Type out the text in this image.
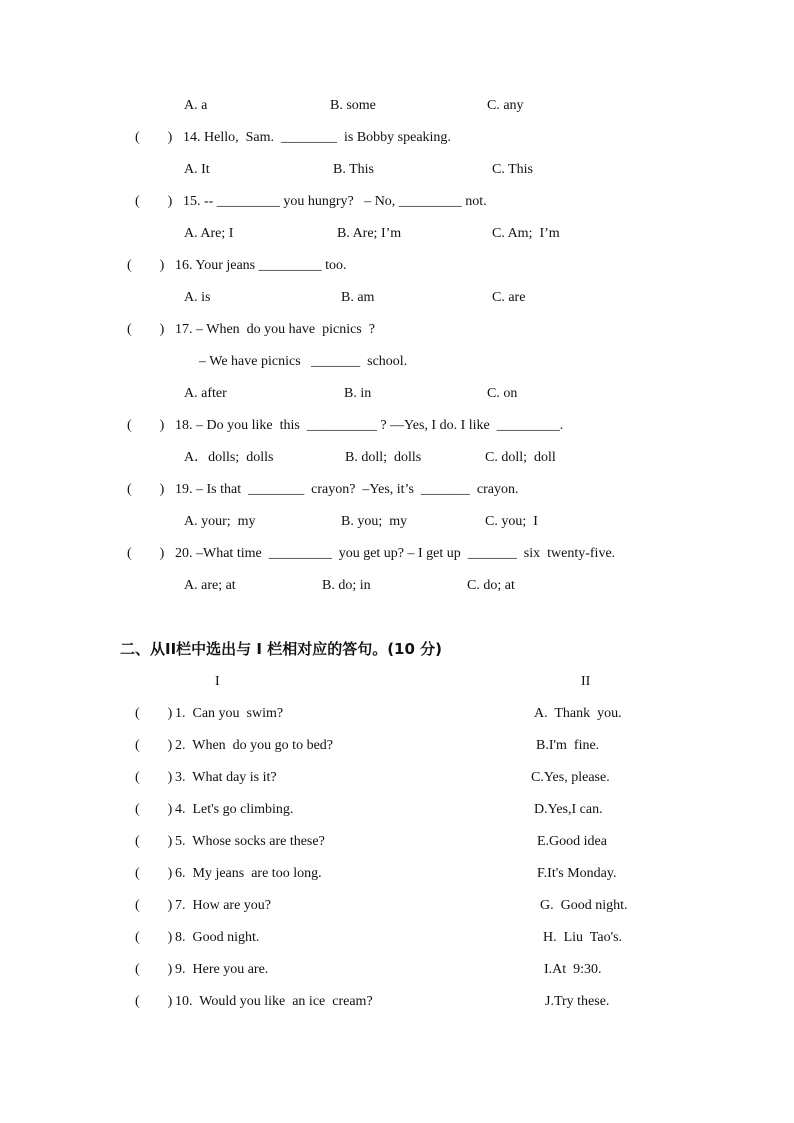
A. a	B. some	C. any
(        ) 14. Hello,  Sam.  ________  is Bobby speaking.
A. It	B. This	C. This
(        ) 15. -- _________ you hungry?   – No, _________ not.
A. Are; I	B. Are; I’m	C. Am;  I’m
(        ) 16. Your jeans _________ too.
A. is	B. am	C. are
(        ) 17. – When  do you have  picnics  ?
– We have picnics   _______  school.
A. after	B. in	C. on
(        ) 18. – Do you like  this  __________ ? —Yes, I do. I like  _________.
A．dolls;  dolls	B. doll;  dolls	C. doll;  doll
(        ) 19. – Is that  ________  crayon?  –Yes, it’s  _______  crayon.
A. your;  my	B. you;  my	C. you;  I
(        ) 20. –What time  _________  you get up? – I get up  _______  six  twenty-five.
A. are; at	B. do; in	C. do; at
二、从II栏中选出与 I 栏相对应的答句。(10 分)
I	II
(        ) 1.  Can you  swim?	A.  Thank  you.
(        ) 2.  When  do you go to bed?	B.I'm  fine.
(        ) 3.  What day is it?	C.Yes, please.
(        ) 4.  Let's go climbing.	D.Yes,I can.
(        ) 5.  Whose socks are these?	E.Good idea
(        ) 6.  My jeans  are too long.	F.It's Monday.
(        ) 7.  How are you?	G.  Good night.
(        ) 8.  Good night.	H.  Liu  Tao's.
(        ) 9.  Here you are.	I.At  9:30.
(        ) 10.  Would you like  an ice  cream?	J.Try these.
